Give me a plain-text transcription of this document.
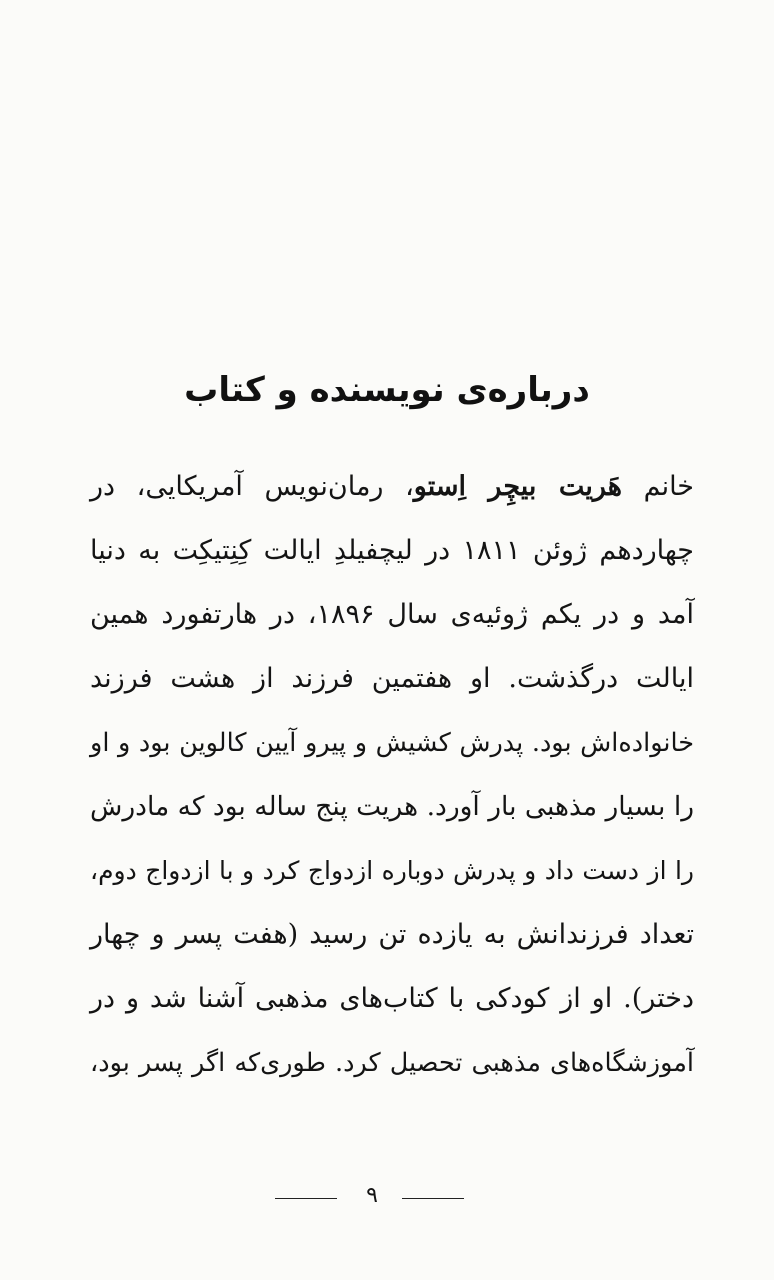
درباره‌ی نویسنده و کتاب
خانم هَریت بیچِر اِستو، رمان‌نویس آمریکایی، در
چهاردهم ژوئن ۱۸۱۱ در لیچفیلدِ ایالت کِنِتیکِت به دنیا
آمد و در یکم ژوئیه‌ی سال ۱۸۹۶، در هارتفورد همین
ایالت درگذشت. او هفتمین فرزند از هشت فرزند
خانواده‌اش بود. پدرش کشیش و پیرو آیین کالوین بود و او
را بسیار مذهبی بار آورد. هریت پنج ساله بود که مادرش
را از دست داد و پدرش دوباره ازدواج کرد و با ازدواج دوم،
تعداد فرزندانش به یازده تن رسید (هفت پسر و چهار
دختر). او از کودکی با کتاب‌های مذهبی آشنا شد و در
آموزشگاه‌های مذهبی تحصیل کرد. طوری‌که اگر پسر بود،
۹
